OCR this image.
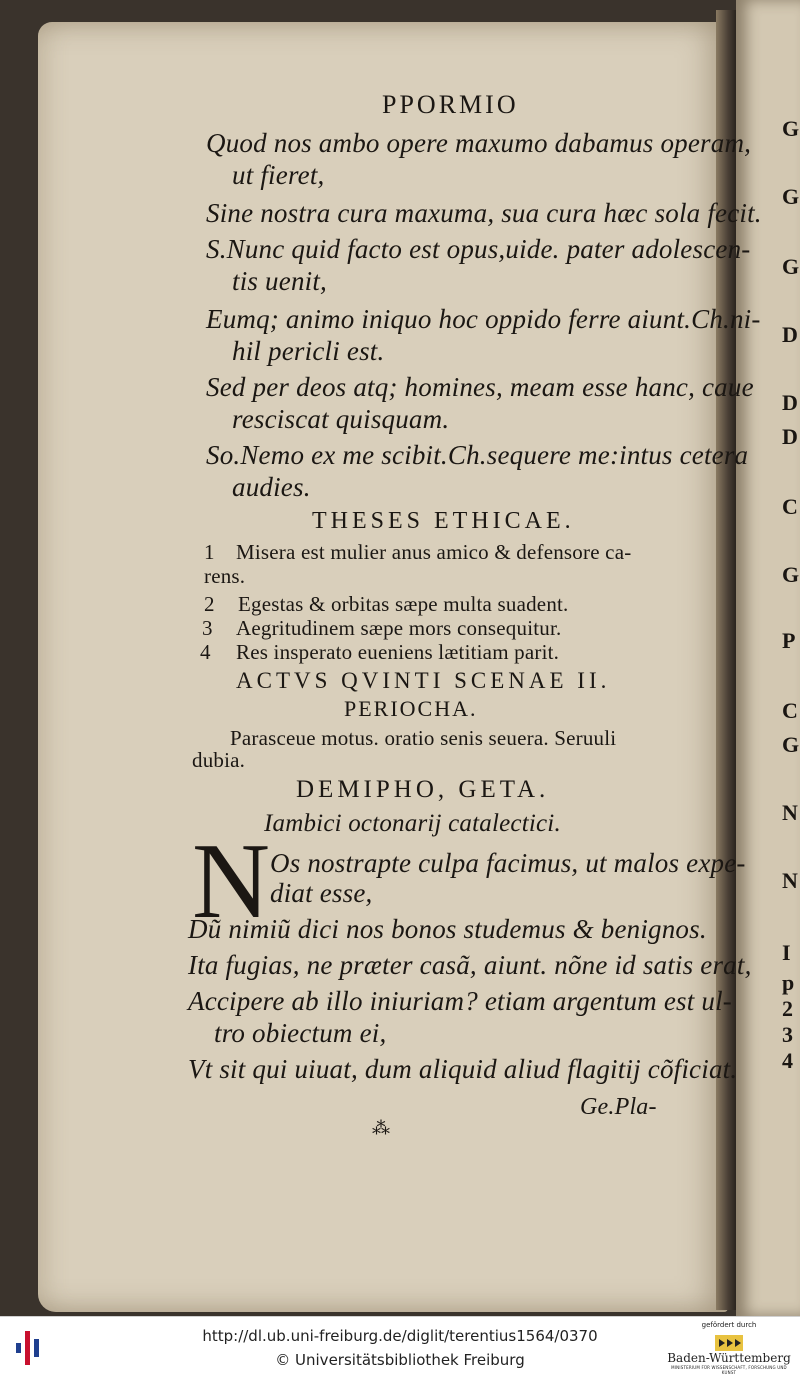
G
G
G
D
D
D
C
G
P
C
G
N
N
I
p
2
3
4
PPORMIO
Quod nos ambo opere maxumo dabamus operam,
ut fieret,
Sine nostra cura maxuma, sua cura hæc sola fecit.
S.Nunc quid facto est opus,uide. pater adolescen-
tis uenit,
Eumq; animo iniquo hoc oppido ferre aiunt.Ch.ni-
hil pericli est.
Sed per deos atq; homines, meam esse hanc, caue
resciscat quisquam.
So.Nemo ex me scibit.Ch.sequere me:intus cetera
audies.
THESES ETHICAE.
1 Misera est mulier anus amico & defensore ca-
rens.
2 Egestas & orbitas sæpe multa suadent.
3 Aegritudinem sæpe mors consequitur.
4 Res insperato eueniens lætitiam parit.
ACTVS QVINTI SCENAE II.
PERIOCHA.
Parasceue motus. oratio senis seuera. Seruuli
dubia.
DEMIPHO, GETA.
Iambici octonarij catalectici.
N Os nostrapte culpa facimus, ut malos expe-
diat esse,
Dũ nimiũ dici nos bonos studemus & benignos.
Ita fugias, ne præter casã, aiunt. nõne id satis erat,
Accipere ab illo iniuriam? etiam argentum est ul-
tro obiectum ei,
Vt sit qui uiuat, dum aliquid aliud flagitij cõficiat.
Ge.Pla-
⁂
http://dl.ub.uni-freiburg.de/diglit/terentius1564/0370
© Universitätsbibliothek Freiburg
gefördert durch
Baden-Württemberg
MINISTERIUM FÜR WISSENSCHAFT, FORSCHUNG UND KUNST
